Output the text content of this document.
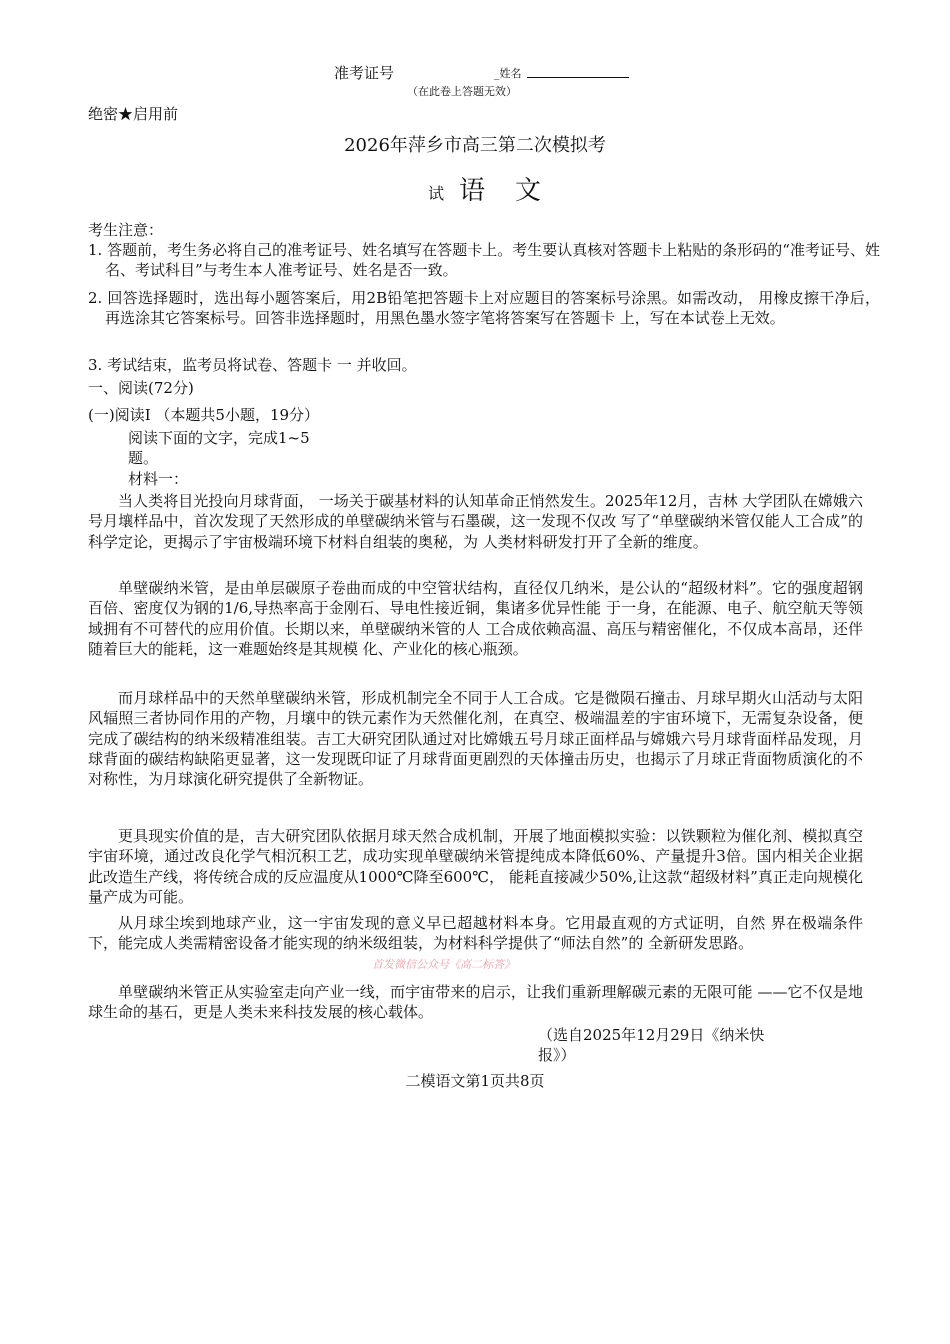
准考证号	_姓名
（在此卷上答题无效）
绝密★启用前
2026年萍乡市高三第二次模拟考
试 语　文
考生注意：
1. 答题前，考生务必将自己的准考证号、姓名填写在答题卡上。考生要认真核对答题卡上粘贴的条形码的“准考证号、姓名、考试科目”与考生本人准考证号、姓名是否一致。
2. 回答选择题时，选出每小题答案后，用2B铅笔把答题卡上对应题目的答案标号涂黑。如需改动， 用橡皮擦干净后，再选涂其它答案标号。回答非选择题时，用黑色墨水签字笔将答案写在答题卡 上，写在本试卷上无效。
3. 考试结束，监考员将试卷、答题卡 一 并收回。
一、阅读(72分)
(一)阅读Ⅰ （本题共5小题，19分）
阅读下面的文字，完成1~5
题。
材料一：
当人类将目光投向月球背面， 一场关于碳基材料的认知革命正悄然发生。2025年12月，吉林 大学团队在嫦娥六号月壤样品中，首次发现了天然形成的单壁碳纳米管与石墨碳，这一发现不仅改 写了“单壁碳纳米管仅能人工合成”的科学定论，更揭示了宇宙极端环境下材料自组装的奥秘，为 人类材料研发打开了全新的维度。
单壁碳纳米管，是由单层碳原子卷曲而成的中空管状结构，直径仅几纳米，是公认的“超级材料”。它的强度超钢百倍、密度仅为钢的1/6,导热率高于金刚石、导电性接近铜，集诸多优异性能 于一身，在能源、电子、航空航天等领域拥有不可替代的应用价值。长期以来，单壁碳纳米管的人 工合成依赖高温、高压与精密催化，不仅成本高昂，还伴随着巨大的能耗，这一难题始终是其规模 化、产业化的核心瓶颈。
而月球样品中的天然单壁碳纳米管，形成机制完全不同于人工合成。它是微陨石撞击、月球早期火山活动与太阳风辐照三者协同作用的产物，月壤中的铁元素作为天然催化剂，在真空、极端温差的宇宙环境下，无需复杂设备，便完成了碳结构的纳米级精准组装。吉工大研究团队通过对比嫦娥五号月球正面样品与嫦娥六号月球背面样品发现，月球背面的碳结构缺陷更显著，这一发现既印证了月球背面更剧烈的天体撞击历史，也揭示了月球正背面物质演化的不对称性，为月球演化研究提供了全新物证。
更具现实价值的是，吉大研究团队依据月球天然合成机制，开展了地面模拟实验：以铁颗粒为催化剂、模拟真空宇宙环境，通过改良化学气相沉积工艺，成功实现单壁碳纳米管提纯成本降低60%、产量提升3倍。国内相关企业据此改造生产线，将传统合成的反应温度从1000℃降至600℃， 能耗直接减少50%,让这款“超级材料”真正走向规模化量产成为可能。
从月球尘埃到地球产业，这一宇宙发现的意义早已超越材料本身。它用最直观的方式证明，自然 界在极端条件下，能完成人类需精密设备才能实现的纳米级组装，为材料科学提供了“师法自然”的 全新研发思路。
首发微信公众号《高二标答》
单壁碳纳米管正从实验室走向产业一线，而宇宙带来的启示，让我们重新理解碳元素的无限可能 ——它不仅是地球生命的基石，更是人类未来科技发展的核心载体。
（选自2025年12月29日《纳米快
报》）
二模语文第1页共8页
